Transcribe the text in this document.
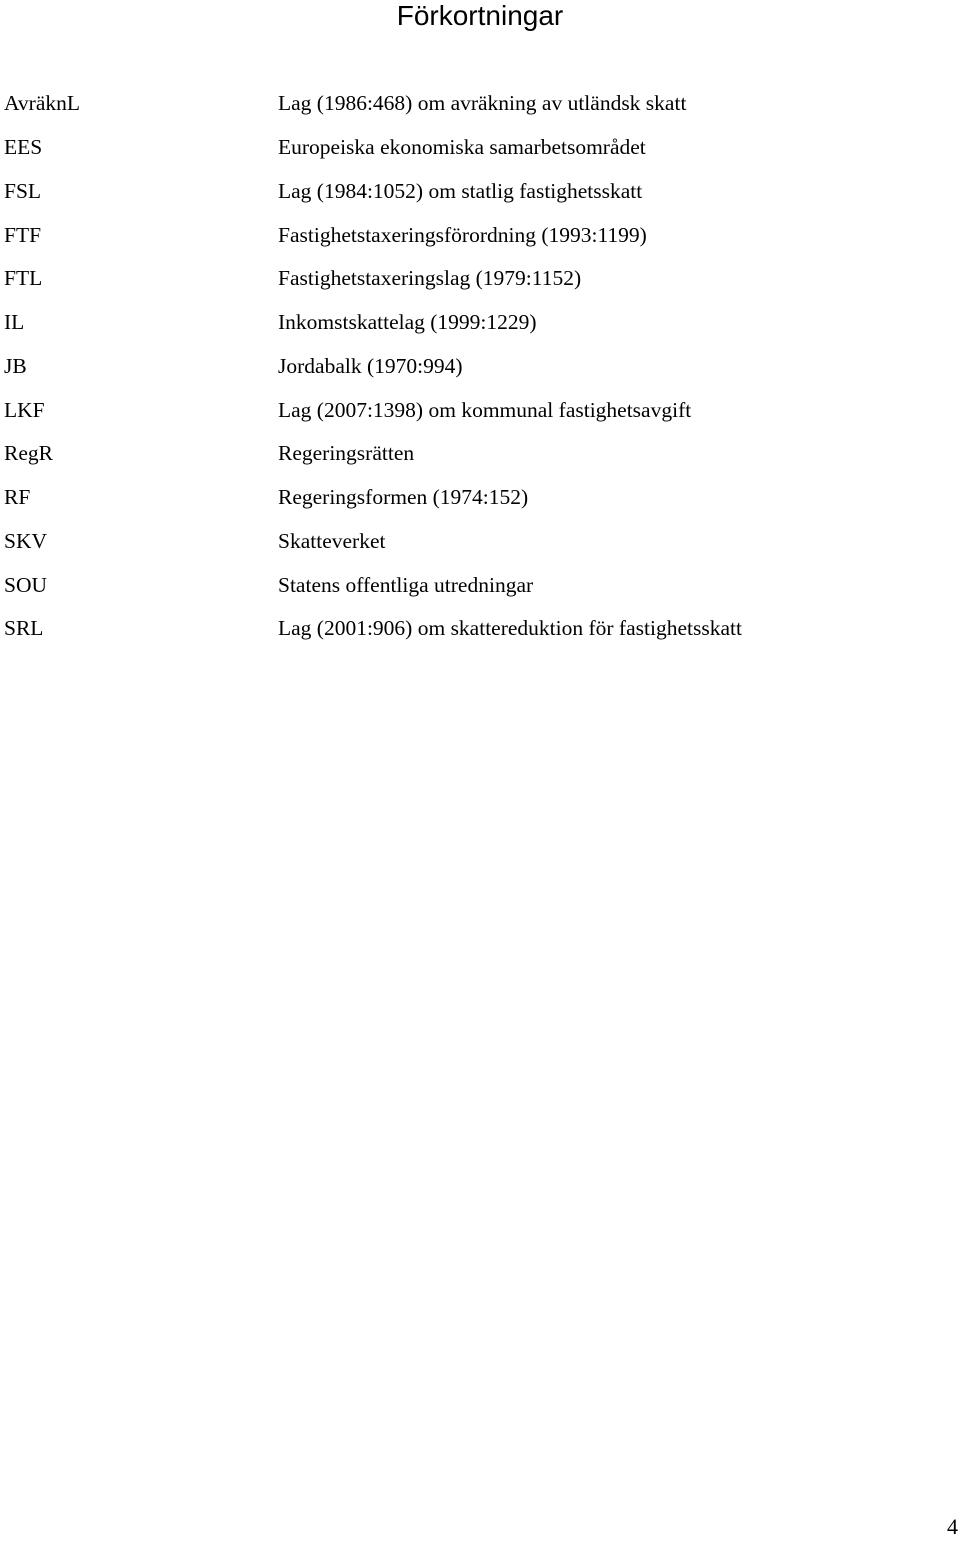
Förkortningar
AvräknL	Lag (1986:468) om avräkning av utländsk skatt
EES	Europeiska ekonomiska samarbetsområdet
FSL	Lag (1984:1052) om statlig fastighetsskatt
FTF	Fastighetstaxeringsförordning (1993:1199)
FTL	Fastighetstaxeringslag (1979:1152)
IL	Inkomstskattelag (1999:1229)
JB	Jordabalk (1970:994)
LKF	Lag (2007:1398) om kommunal fastighetsavgift
RegR	Regeringsrätten
RF	Regeringsformen (1974:152)
SKV	Skatteverket
SOU	Statens offentliga utredningar
SRL	Lag (2001:906) om skattereduktion för fastighetsskatt
4
